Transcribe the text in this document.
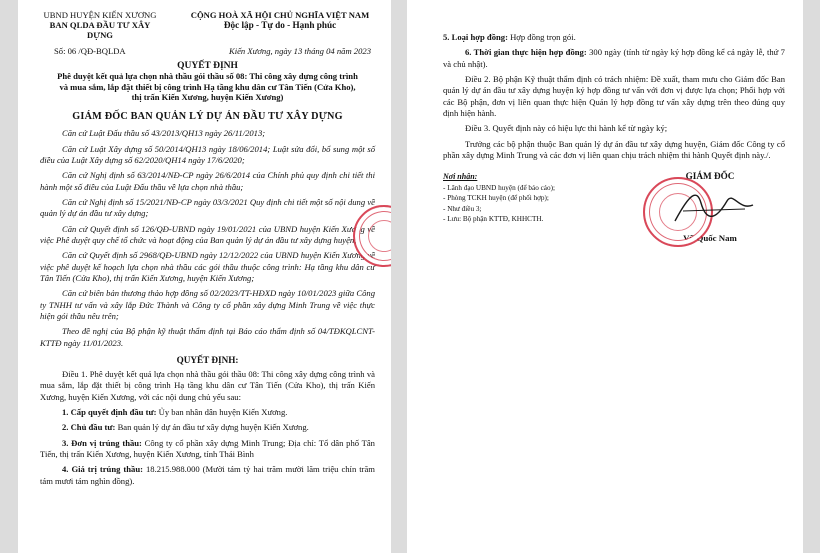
UBND HUYỆN KIẾN XƯƠNG
BAN QLDA ĐẦU TƯ XÂY DỰNG
CỘNG HOÀ XÃ HỘI CHỦ NGHĨA VIỆT NAM
Độc lập - Tự do - Hạnh phúc
Số: 06 /QĐ-BQLDA	Kiến Xương, ngày 13 tháng 04 năm 2023
QUYẾT ĐỊNH
Phê duyệt kết quả lựa chọn nhà thầu gói thầu số 08: Thi công xây dựng công trình
và mua sắm, lắp đặt thiết bị công trình Hạ tầng khu dân cư Tân Tiến (Cửa Kho),
thị trấn Kiến Xương, huyện Kiến Xương)
GIÁM ĐỐC BAN QUẢN LÝ DỰ ÁN ĐẦU TƯ XÂY DỰNG

Căn cứ Luật Đấu thầu số 43/2013/QH13 ngày 26/11/2013;

Căn cứ Luật Xây dựng số 50/2014/QH13 ngày 18/06/2014; Luật sửa đổi, bổ sung một số điều của Luật Xây dựng số 62/2020/QH14 ngày 17/6/2020;

Căn cứ Nghị định số 63/2014/NĐ-CP ngày 26/6/2014 của Chính phủ quy định chi tiết thi hành một số điều của Luật Đấu thầu về lựa chọn nhà thầu;

Căn cứ Nghị định số 15/2021/NĐ-CP ngày 03/3/2021 Quy định chi tiết một số nội dung về quản lý dự án đầu tư xây dựng;

Căn cứ Quyết định số 126/QĐ-UBND ngày 19/01/2021 của UBND huyện Kiến Xương về việc Phê duyệt quy chế tổ chức và hoạt động của Ban quản lý dự án đầu tư xây dựng huyện;

Căn cứ Quyết định số 2968/QĐ-UBND ngày 12/12/2022 của UBND huyện Kiến Xương về việc phê duyệt kế hoạch lựa chọn nhà thầu các gói thầu thuộc công trình: Hạ tầng khu dân cư Tân Tiến (Cửa Kho), thị trấn Kiến Xương, huyện Kiến Xương;

Căn cứ biên bản thương thảo hợp đồng số 02/2023/TT-HĐXD ngày 10/01/2023 giữa Công ty TNHH tư vấn và xây lắp Đức Thành và Công ty cổ phần xây dựng Minh Trung về việc thực hiện gói thầu nêu trên;

Theo đề nghị của Bộ phận kỹ thuật thẩm định tại Báo cáo thẩm định số 04/TĐKQLCNT-KTTĐ ngày 11/01/2023.

QUYẾT ĐỊNH:

Điều 1. Phê duyệt kết quả lựa chọn nhà thầu gói thầu 08: Thi công xây dựng công trình và mua sắm, lắp đặt thiết bị công trình Hạ tầng khu dân cư Tân Tiến (Cửa Kho), thị trấn Kiến Xương, huyện Kiến Xương, với các nội dung chủ yếu sau:

1. Cấp quyết định đầu tư: Ủy ban nhân dân huyện Kiến Xương.

2. Chủ đầu tư: Ban quản lý dự án đầu tư xây dựng huyện Kiến Xương.

3. Đơn vị trúng thầu: Công ty cổ phần xây dựng Minh Trung; Địa chỉ: Tổ dân phố Tân Tiến, thị trấn Kiến Xương, huyện Kiến Xương, tỉnh Thái Bình

4. Giá trị trúng thầu: 18.215.988.000 (Mười tám tỷ hai trăm mười lăm triệu chín trăm tám mươi tám nghìn đồng).

5. Loại hợp đồng: Hợp đồng trọn gói.

6. Thời gian thực hiện hợp đồng: 300 ngày (tính từ ngày ký hợp đồng kể cả ngày lễ, thứ 7 và chủ nhật).

Điều 2. Bộ phận Kỹ thuật thẩm định có trách nhiệm: Đề xuất, tham mưu cho Giám đốc Ban quản lý dự án đầu tư xây dựng huyện ký hợp đồng tư vấn với đơn vị được lựa chọn; Phối hợp với các Bộ phận, đơn vị liên quan thực hiện Quản lý hợp đồng tư vấn xây dựng trên theo đúng quy định hiện hành.

Điều 3. Quyết định này có hiệu lực thi hành kể từ ngày ký;

Trưởng các bộ phận thuộc Ban quản lý dự án đầu tư xây dựng huyện, Giám đốc Công ty cổ phần xây dựng Minh Trung và các đơn vị liên quan chịu trách nhiệm thi hành Quyết định này./.

Nơi nhận:
- Lãnh đạo UBND huyện (để báo cáo);
- Phòng TCKH huyện (để phối hợp);
- Như điều 3;
- Lưu: Bộ phận KTTĐ, KHHCTH.
GIÁM ĐỐC
Vũ Quốc Nam
